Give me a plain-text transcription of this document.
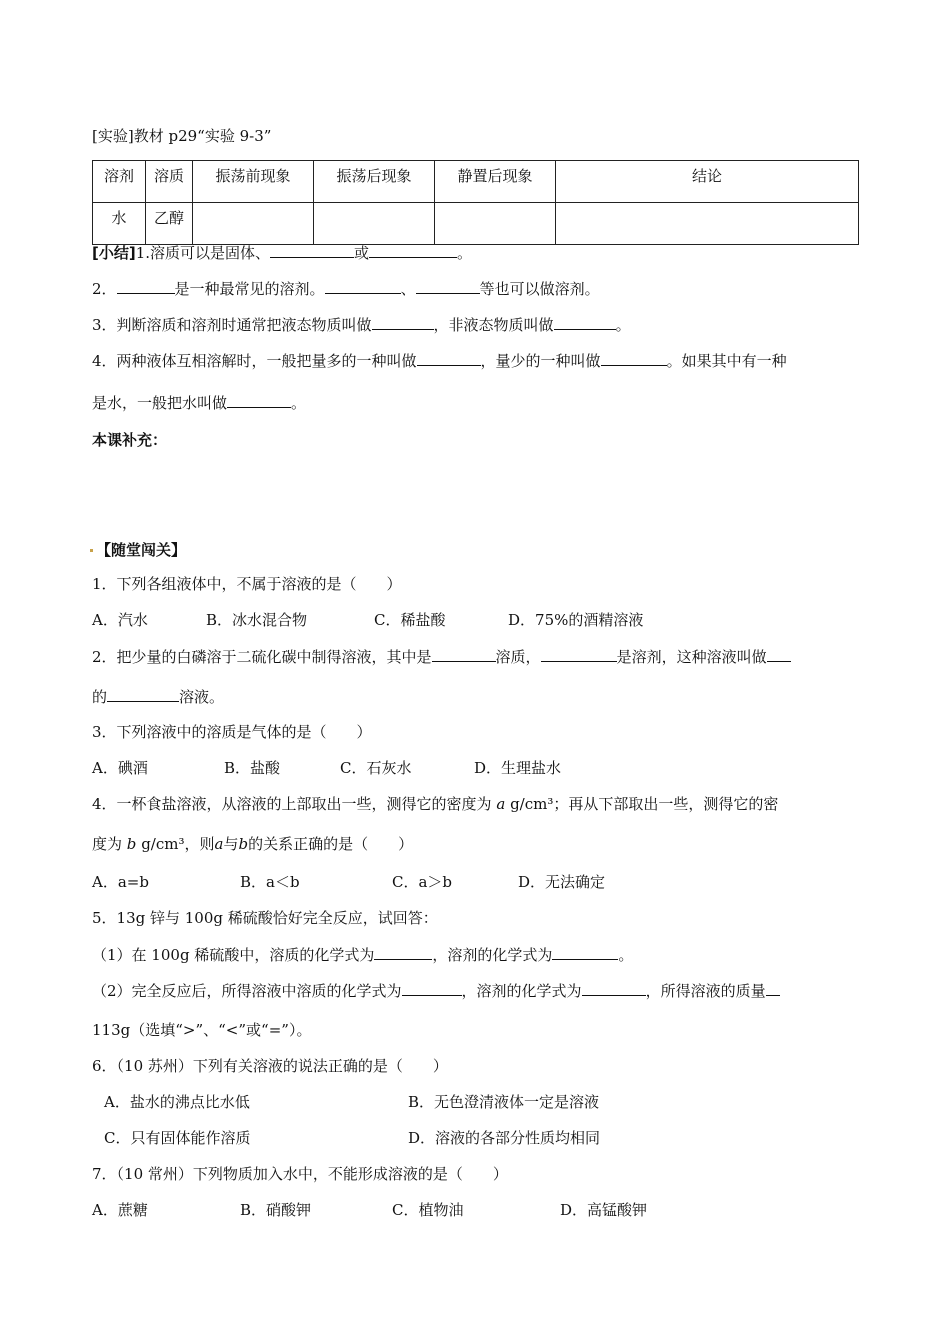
[实验]教材 p29“实验 9-3”
溶剂	溶质	振荡前现象	振荡后现象	静置后现象	结论
水	乙醇				
[小结]1.溶质可以是固体、	或	。
2．	是一种最常见的溶剂。	、	等也可以做溶剂。
3．判断溶质和溶剂时通常把液态物质叫做	，非液态物质叫做	。
4．两种液体互相溶解时，一般把量多的一种叫做	，量少的一种叫做	。如果其中有一种
是水，一般把水叫做	。
本课补充：
【随堂闯关】
1．下列各组液体中，不属于溶液的是（　　）
A．汽水	B．冰水混合物	C．稀盐酸	D．75%的酒精溶液
2．把少量的白磷溶于二硫化碳中制得溶液，其中是	溶质，	是溶剂，这种溶液叫做
的	溶液。
3．下列溶液中的溶质是气体的是（　　）
A．碘酒	B．盐酸	C．石灰水	D．生理盐水
4．一杯食盐溶液，从溶液的上部取出一些，测得它的密度为 a g/cm³；再从下部取出一些，测得它的密
度为 b g/cm³，则a与b的关系正确的是（　　）
A．a=b	B．a＜b	C．a＞b	D．无法确定
5．13g 锌与 100g 稀硫酸恰好完全反应，试回答：
（1）在 100g 稀硫酸中，溶质的化学式为	，溶剂的化学式为	。
（2）完全反应后，所得溶液中溶质的化学式为	，溶剂的化学式为	，所得溶液的质量
113g（选填“>”、“<”或“=”）。
6．（10 苏州）下列有关溶液的说法正确的是（　　）
A．盐水的沸点比水低	B．无色澄清液体一定是溶液
C．只有固体能作溶质	D．溶液的各部分性质均相同
7．（10 常州）下列物质加入水中，不能形成溶液的是（　　）
A．蔗糖	B．硝酸钾	C．植物油	D．高锰酸钾
